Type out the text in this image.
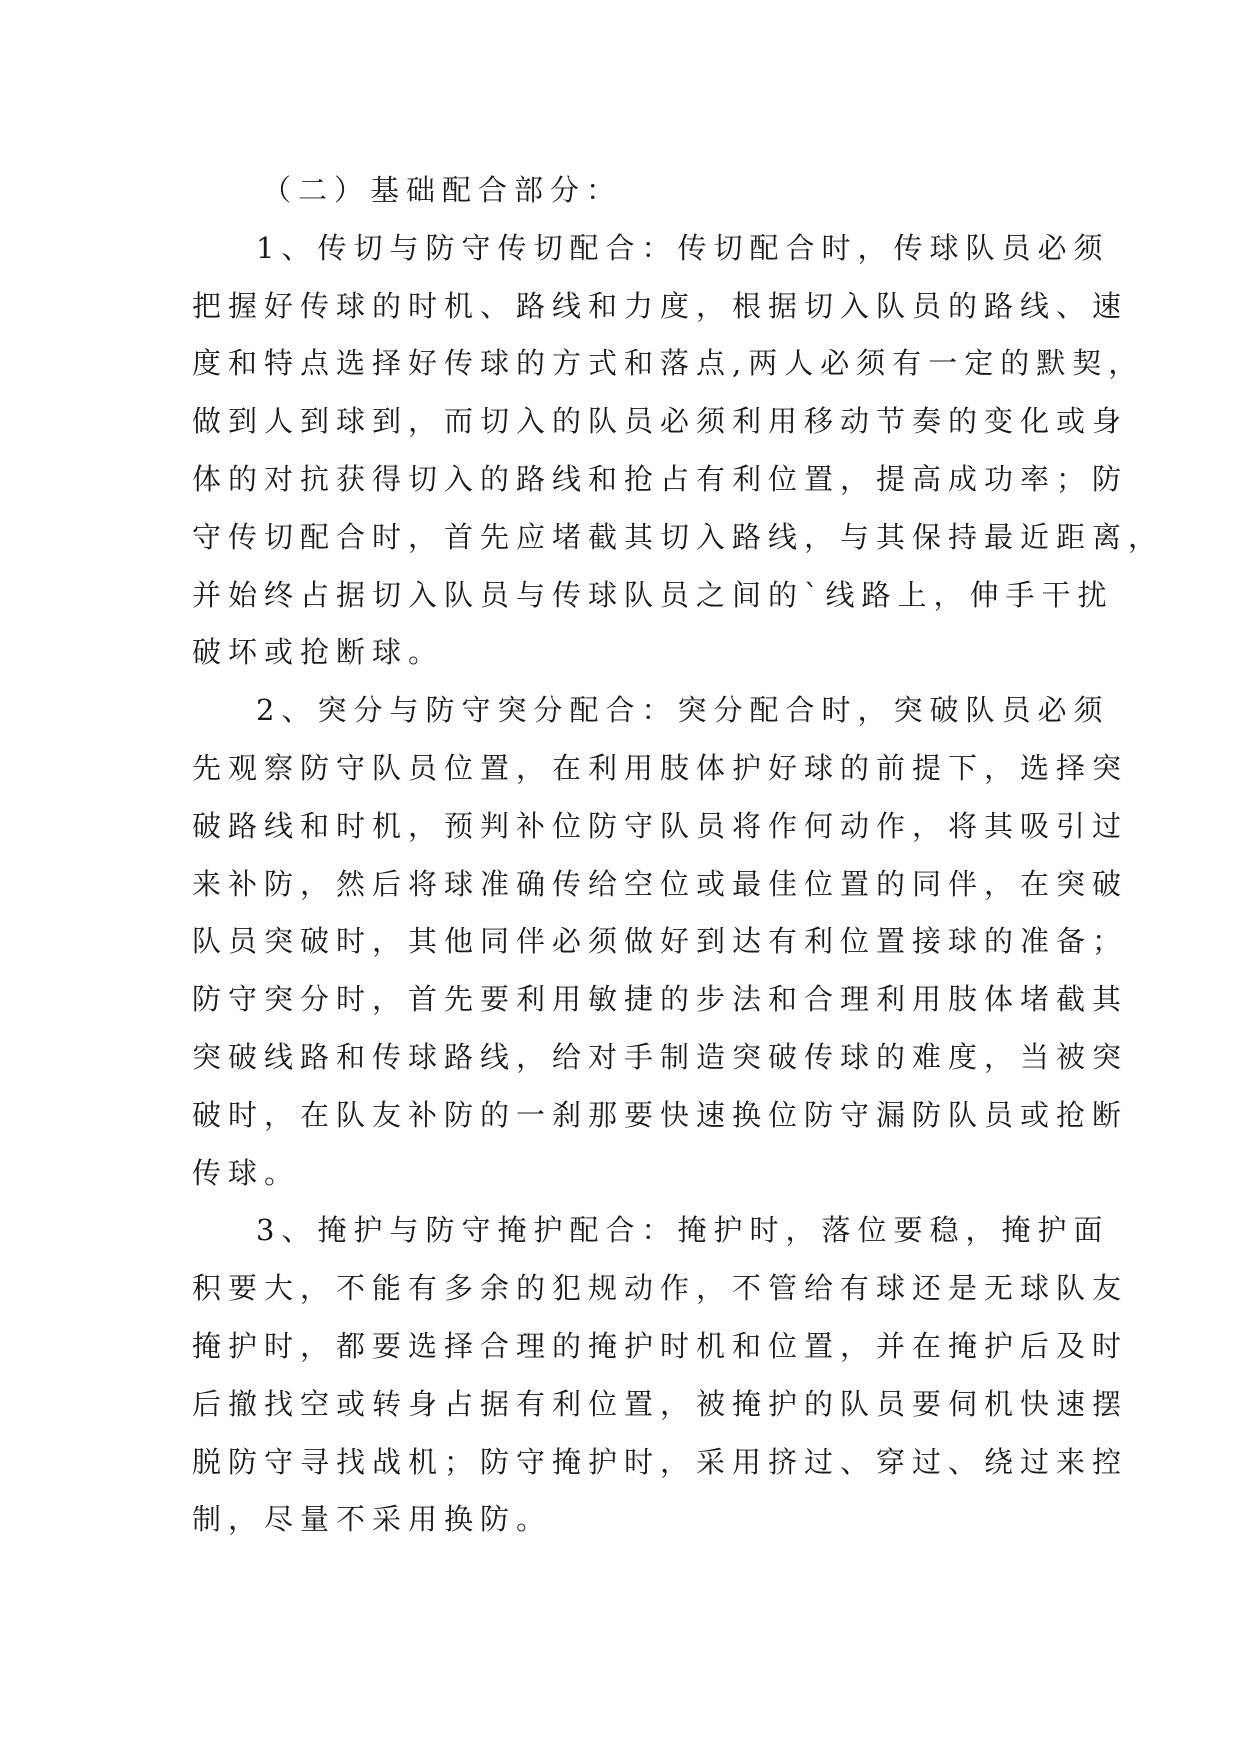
（二）基础配合部分：
1、传切与防守传切配合：传切配合时，传球队员必须
把握好传球的时机、路线和力度，根据切入队员的路线、速
度和特点选择好传球的方式和落点,两人必须有一定的默契，
做到人到球到，而切入的队员必须利用移动节奏的变化或身
体的对抗获得切入的路线和抢占有利位置，提高成功率；防
守传切配合时，首先应堵截其切入路线，与其保持最近距离，
并始终占据切入队员与传球队员之间的`线路上，伸手干扰
破坏或抢断球。
2、突分与防守突分配合：突分配合时，突破队员必须
先观察防守队员位置，在利用肢体护好球的前提下，选择突
破路线和时机，预判补位防守队员将作何动作，将其吸引过
来补防，然后将球准确传给空位或最佳位置的同伴，在突破
队员突破时，其他同伴必须做好到达有利位置接球的准备；
防守突分时，首先要利用敏捷的步法和合理利用肢体堵截其
突破线路和传球路线，给对手制造突破传球的难度，当被突
破时，在队友补防的一刹那要快速换位防守漏防队员或抢断
传球。
3、掩护与防守掩护配合：掩护时，落位要稳，掩护面
积要大，不能有多余的犯规动作，不管给有球还是无球队友
掩护时，都要选择合理的掩护时机和位置，并在掩护后及时
后撤找空或转身占据有利位置，被掩护的队员要伺机快速摆
脱防守寻找战机；防守掩护时，采用挤过、穿过、绕过来控
制，尽量不采用换防。
